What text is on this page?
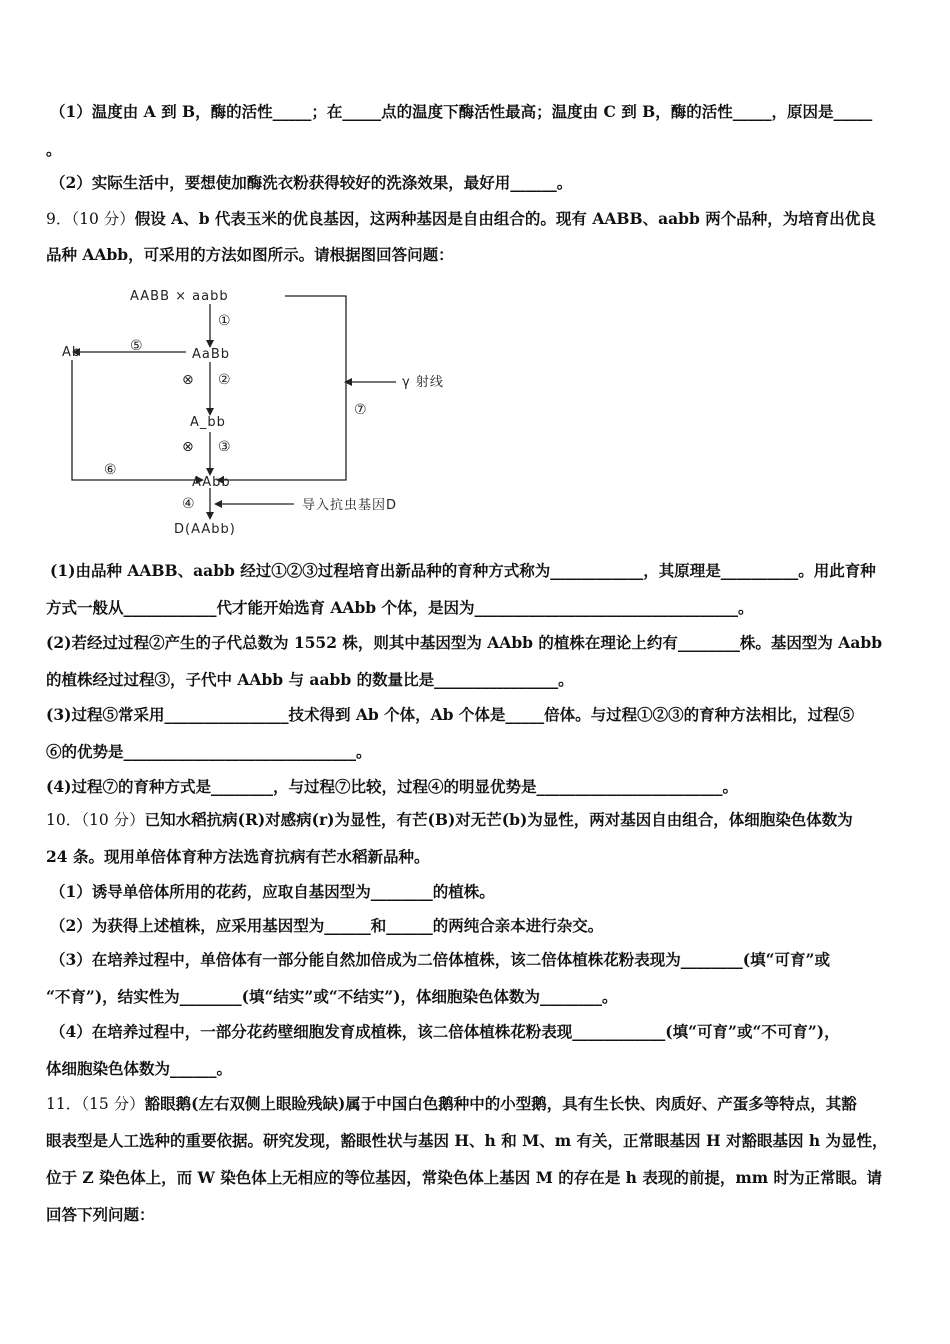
（1）温度由 A 到 B，酶的活性_____；在_____点的温度下酶活性最高；温度由 C 到 B，酶的活性_____，原因是_____
。
（2）实际生活中，要想使加酶洗衣粉获得较好的洗涤效果，最好用______。
9．（10 分）假设 A、b 代表玉米的优良基因，这两种基因是自由组合的。现有 AABB、aabb 两个品种，为培育出优良
品种 AAbb，可采用的方法如图所示。请根据图回答问题：
AABB × aabb
AaBb
A_bb
AAbb
Ab
D(AAbb)
γ 射线
导入抗虫基因D
①
⊗ ②
⊗ ③
④
⑤
⑥
⑦
(1)由品种 AABB、aabb 经过①②③过程培育出新品种的育种方式称为____________，其原理是__________。用此育种
方式一般从____________代才能开始选育 AAbb 个体，是因为__________________________________。
(2)若经过过程②产生的子代总数为 1552 株，则其中基因型为 AAbb 的植株在理论上约有________株。基因型为 Aabb
的植株经过过程③，子代中 AAbb 与 aabb 的数量比是________________。
(3)过程⑤常采用________________技术得到 Ab 个体，Ab 个体是_____倍体。与过程①②③的育种方法相比，过程⑤
⑥的优势是______________________________。
(4)过程⑦的育种方式是________，与过程⑦比较，过程④的明显优势是________________________。
10．（10 分）已知水稻抗病(R)对感病(r)为显性，有芒(B)对无芒(b)为显性，两对基因自由组合，体细胞染色体数为
24 条。现用单倍体育种方法选育抗病有芒水稻新品种。
（1）诱导单倍体所用的花药，应取自基因型为________的植株。
（2）为获得上述植株，应采用基因型为______和______的两纯合亲本进行杂交。
（3）在培养过程中，单倍体有一部分能自然加倍成为二倍体植株，该二倍体植株花粉表现为________(填“可育”或
“不育”)，结实性为________(填“结实”或“不结实”)，体细胞染色体数为________。
（4）在培养过程中，一部分花药壁细胞发育成植株，该二倍体植株花粉表现____________(填“可育”或“不可育”)，
体细胞染色体数为______。
11．（15 分）豁眼鹅(左右双侧上眼睑残缺)属于中国白色鹅种中的小型鹅，具有生长快、肉质好、产蛋多等特点，其豁
眼表型是人工选种的重要依据。研究发现，豁眼性状与基因 H、h 和 M、m 有关，正常眼基因 H 对豁眼基因 h 为显性，
位于 Z 染色体上，而 W 染色体上无相应的等位基因，常染色体上基因 M 的存在是 h 表现的前提，mm 时为正常眼。请
回答下列问题：
